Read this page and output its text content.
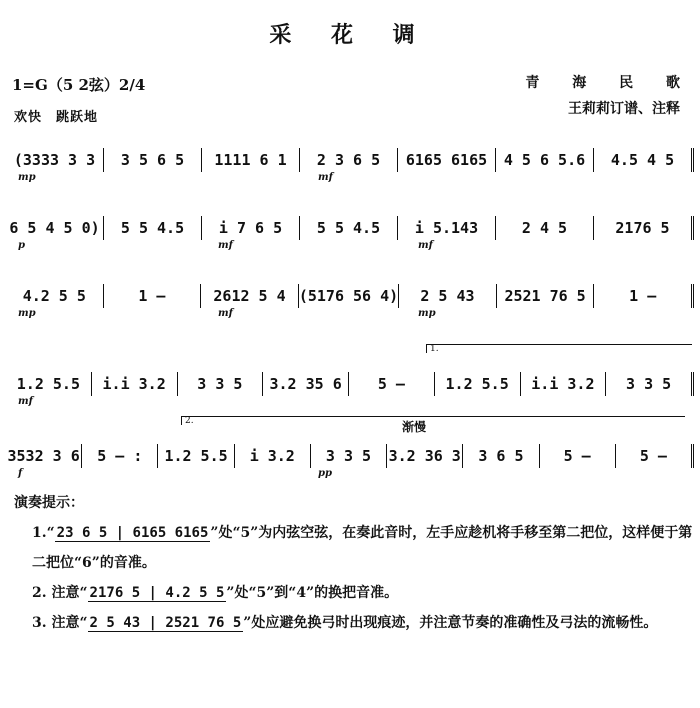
采 花 调
1=G（5 2弦）2/4
欢快　跳跃地
青 海 民 歌
王莉莉订谱、注释
(3333 3 3	3 5 6 5	1111 6 1	2 3 6 5	6165 6165	4 5 6 5.6	4.5 4 5
mp	mf
6 5 4 5 0)	5 5 4.5	i 7 6 5	5 5 4.5	i 5.143	2 4 5	2176 5
p	mf	mf
4.2 5 5	1 —	2612 5 4 (5176 56 4)	2 5 43	2521 76 5	1 —
mp	mf	mp
1.2 5.5	i.i 3.2	3 3 5	3.2 35 6	5 —	1.2 5.5	i.i 3.2	3 3 5
mf
1.
3532 3 6	5 — :	1.2 5.5	i 3.2	3 3 5	3.2 36 3	3 6 5	5 —	5 —
f	pp
2.	渐慢
演奏提示：
1.“ 23 6 5 | 6165 6165 ”处“5”为内弦空弦，在奏此音时，左手应趁机将手移至第二把位，这样便于第二把位“6”的音准。
2. 注意“ 2176 5 | 4.2 5 5 ”处“5”到“4”的换把音准。
3. 注意“ 2 5 43 | 2521 76 5 ”处应避免换弓时出现痕迹，并注意节奏的准确性及弓法的流畅性。
